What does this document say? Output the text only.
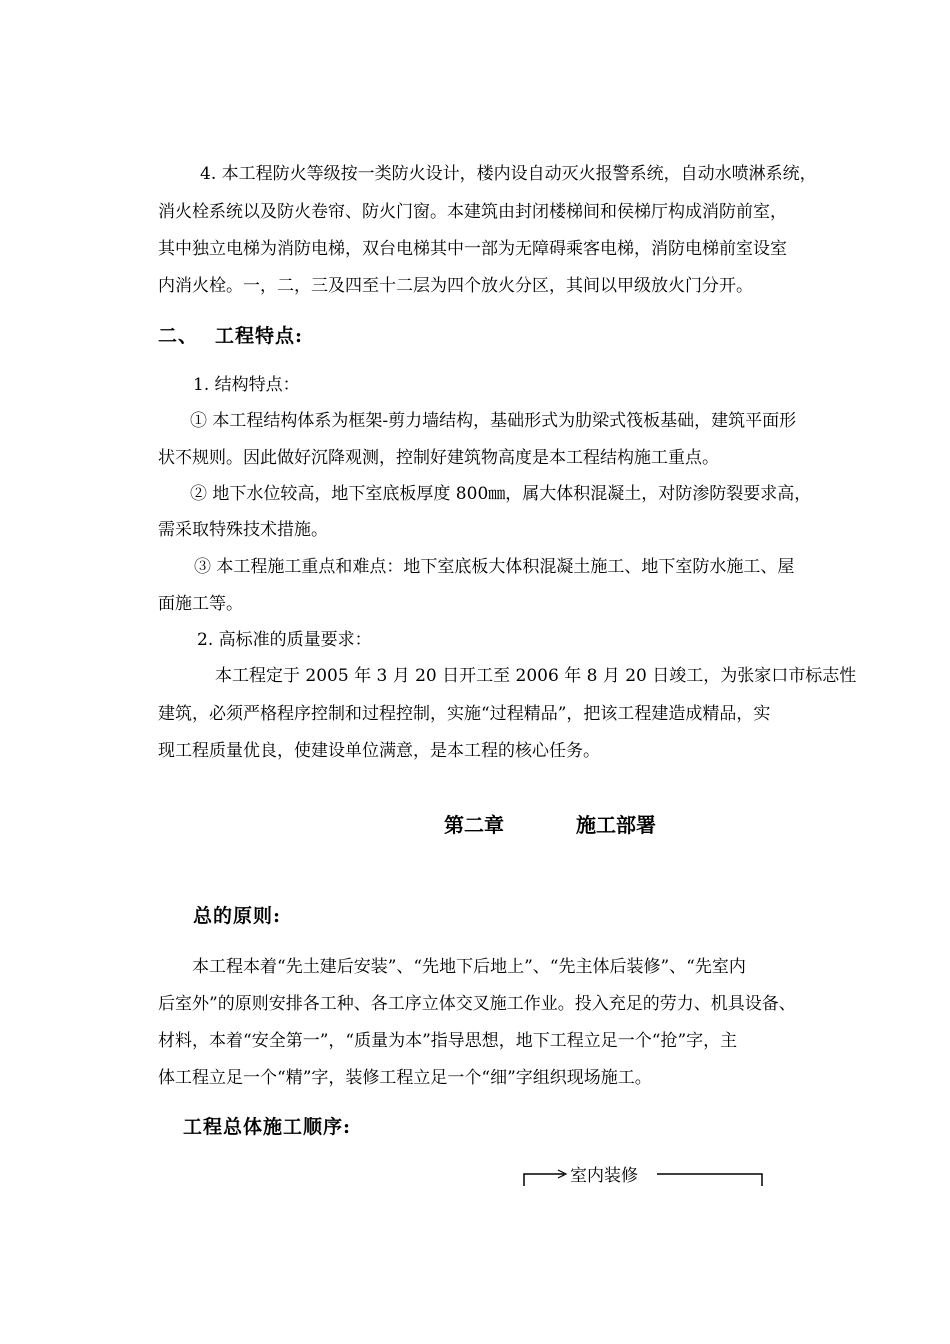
4. 本工程防火等级按一类防火设计，楼内设自动灭火报警系统，自动水喷淋系统，
消火栓系统以及防火卷帘、防火门窗。本建筑由封闭楼梯间和侯梯厅构成消防前室，
其中独立电梯为消防电梯，双台电梯其中一部为无障碍乘客电梯，消防电梯前室设室
内消火栓。一，二，三及四至十二层为四个放火分区，其间以甲级放火门分开。
二、 工程特点:
1. 结构特点：
① 本工程结构体系为框架-剪力墙结构，基础形式为肋梁式筏板基础，建筑平面形
状不规则。因此做好沉降观测，控制好建筑物高度是本工程结构施工重点。
② 地下水位较高，地下室底板厚度 800㎜，属大体积混凝土，对防渗防裂要求高，
需采取特殊技术措施。
③ 本工程施工重点和难点：地下室底板大体积混凝土施工、地下室防水施工、屋
面施工等。
2. 高标准的质量要求：
本工程定于 2005 年 3 月 20 日开工至 2006 年 8 月 20 日竣工，为张家口市标志性
建筑，必须严格程序控制和过程控制，实施“过程精品”，把该工程建造成精品，实
现工程质量优良，使建设单位满意，是本工程的核心任务。
第二章	施工部署
总的原则:
本工程本着“先土建后安装”、“先地下后地上”、“先主体后装修”、“先室内
后室外”的原则安排各工种、各工序立体交叉施工作业。投入充足的劳力、机具设备、
材料，本着“安全第一”，“质量为本”指导思想，地下工程立足一个“抢”字，主
体工程立足一个“精”字，装修工程立足一个“细”字组织现场施工。
工程总体施工顺序:
室内装修
